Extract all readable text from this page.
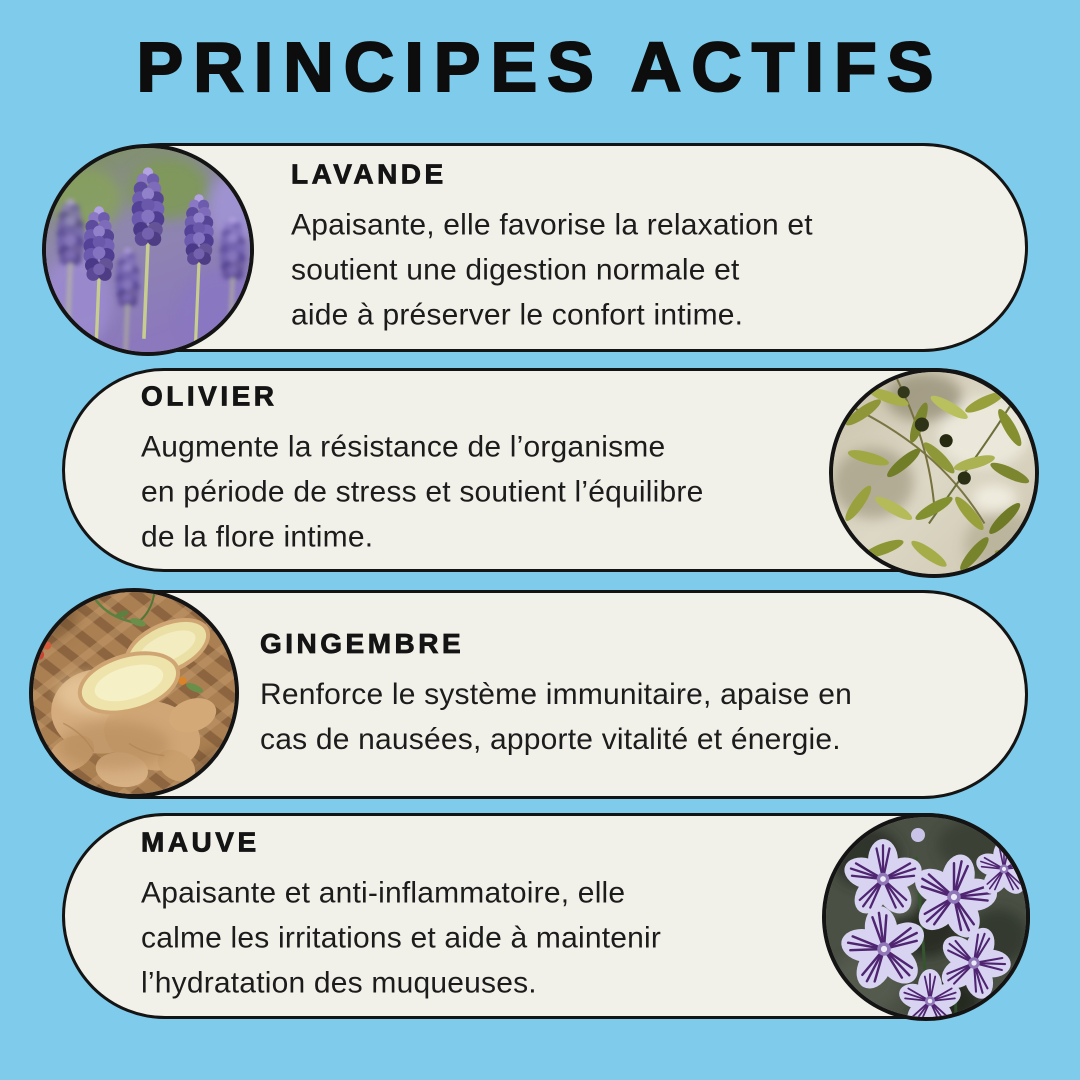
PRINCIPES ACTIFS
LAVANDE

Apaisante, elle favorise la relaxation et

soutient une digestion normale et

aide à préserver le confort intime.

OLIVIER

Augmente la résistance de l’organisme

en période de stress et soutient l’équilibre

de la flore intime.

GINGEMBRE

Renforce le système immunitaire, apaise en

cas de nausées, apporte vitalité et énergie.

MAUVE

Apaisante et anti-inflammatoire, elle

calme les irritations et aide à maintenir

l’hydratation des muqueuses.
